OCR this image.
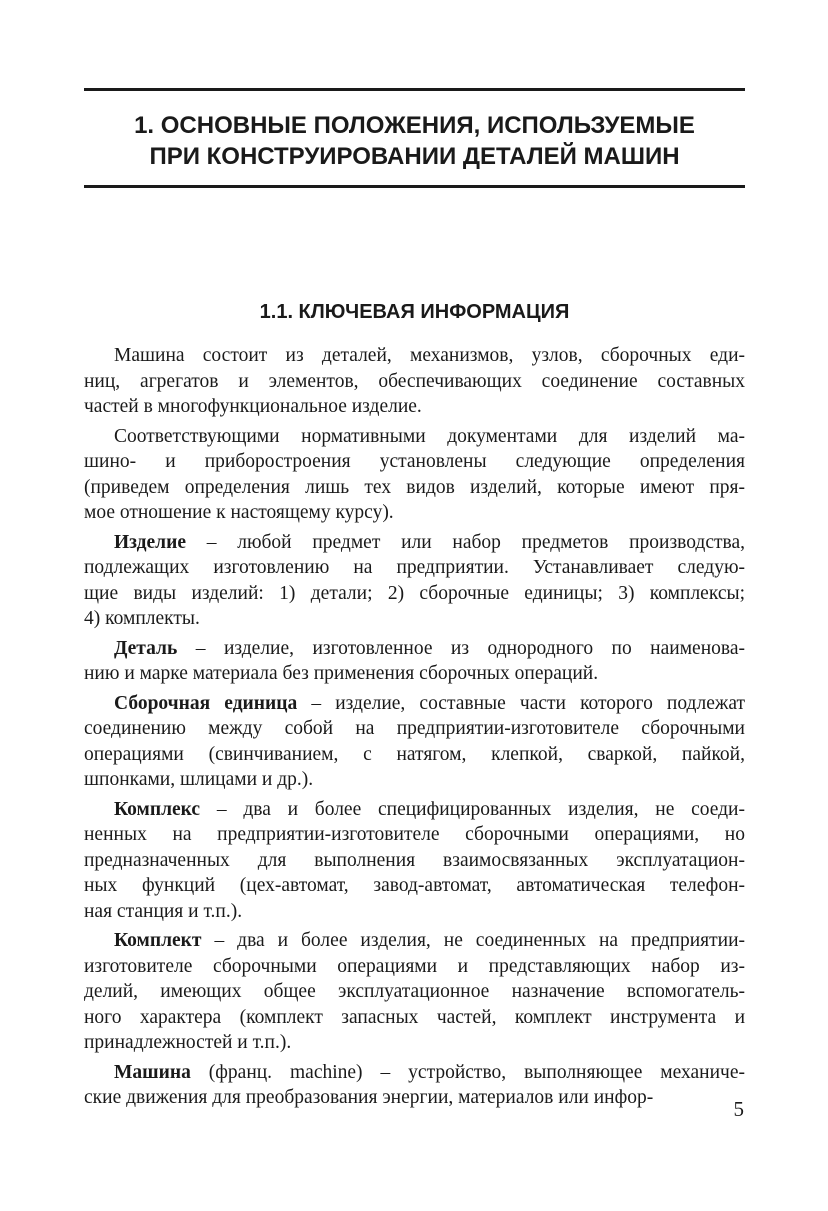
1. ОСНОВНЫЕ ПОЛОЖЕНИЯ, ИСПОЛЬЗУЕМЫЕ
ПРИ КОНСТРУИРОВАНИИ ДЕТАЛЕЙ МАШИН
1.1. КЛЮЧЕВАЯ ИНФОРМАЦИЯ
Машина состоит из деталей, механизмов, узлов, сборочных еди-
ниц, агрегатов и элементов, обеспечивающих соединение составных
частей в многофункциональное изделие.
Соответствующими нормативными документами для изделий ма-
шино- и приборостроения установлены следующие определения
(приведем определения лишь тех видов изделий, которые имеют пря-
мое отношение к настоящему курсу).
Изделие – любой предмет или набор предметов производства,
подлежащих изготовлению на предприятии. Устанавливает следую-
щие виды изделий: 1) детали; 2) сборочные единицы; 3) комплексы;
4) комплекты.
Деталь – изделие, изготовленное из однородного по наименова-
нию и марке материала без применения сборочных операций.
Сборочная единица – изделие, составные части которого подлежат
соединению между собой на предприятии-изготовителе сборочными
операциями (свинчиванием, с натягом, клепкой, сваркой, пайкой,
шпонками, шлицами и др.).
Комплекс – два и более специфицированных изделия, не соеди-
ненных на предприятии-изготовителе сборочными операциями, но
предназначенных для выполнения взаимосвязанных эксплуатацион-
ных функций (цех-автомат, завод-автомат, автоматическая телефон-
ная станция и т.п.).
Комплект – два и более изделия, не соединенных на предприятии-
изготовителе сборочными операциями и представляющих набор из-
делий, имеющих общее эксплуатационное назначение вспомогатель-
ного характера (комплект запасных частей, комплект инструмента и
принадлежностей и т.п.).
Машина (франц. machine) – устройство, выполняющее механиче-
ские движения для преобразования энергии, материалов или инфор-	5
